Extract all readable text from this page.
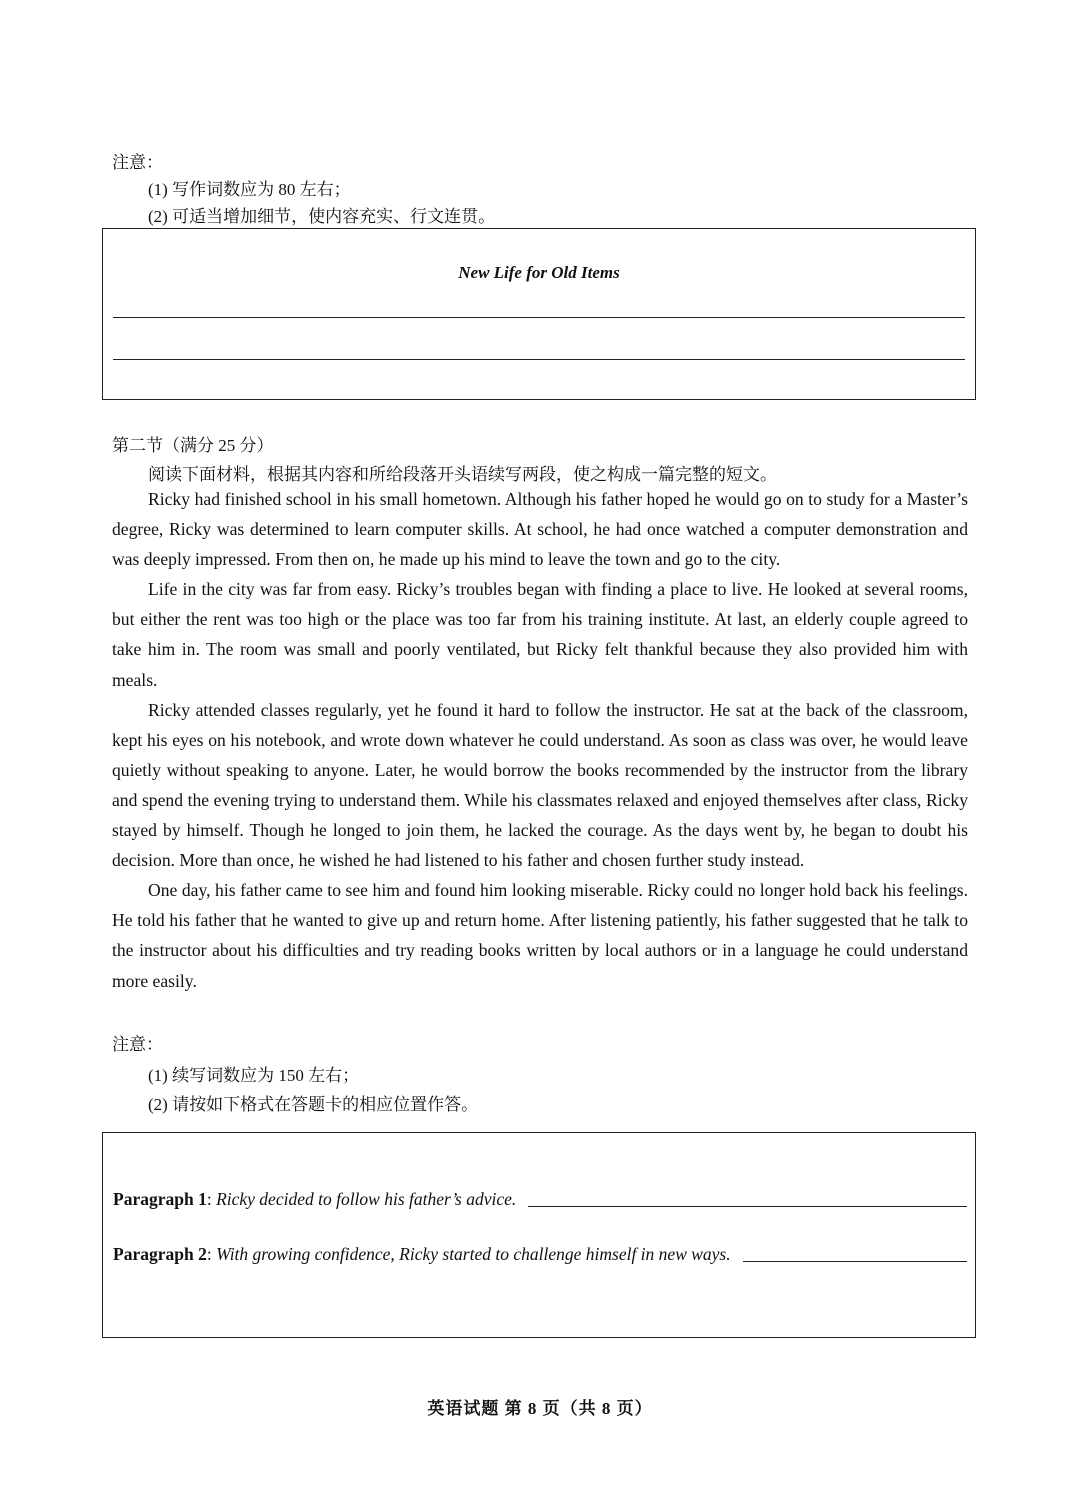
注意：
(1) 写作词数应为 80 左右；
(2) 可适当增加细节，使内容充实、行文连贯。
New Life for Old Items
第二节（满分 25 分）
阅读下面材料，根据其内容和所给段落开头语续写两段，使之构成一篇完整的短文。

Ricky had finished school in his small hometown. Although his father hoped he would go on to study for a Master’s degree, Ricky was determined to learn computer skills. At school, he had once watched a computer demonstration and was deeply impressed. From then on, he made up his mind to leave the town and go to the city.

Life in the city was far from easy. Ricky’s troubles began with finding a place to live. He looked at several rooms, but either the rent was too high or the place was too far from his training institute. At last, an elderly couple agreed to take him in. The room was small and poorly ventilated, but Ricky felt thankful because they also provided him with meals.

Ricky attended classes regularly, yet he found it hard to follow the instructor. He sat at the back of the classroom, kept his eyes on his notebook, and wrote down whatever he could understand. As soon as class was over, he would leave quietly without speaking to anyone. Later, he would borrow the books recommended by the instructor from the library and spend the evening trying to understand them. While his classmates relaxed and enjoyed themselves after class, Ricky stayed by himself. Though he longed to join them, he lacked the courage. As the days went by, he began to doubt his decision. More than once, he wished he had listened to his father and chosen further study instead.

One day, his father came to see him and found him looking miserable. Ricky could no longer hold back his feelings. He told his father that he wanted to give up and return home. After listening patiently, his father suggested that he talk to the instructor about his difficulties and try reading books written by local authors or in a language he could understand more easily.

注意：
(1) 续写词数应为 150 左右；
(2) 请按如下格式在答题卡的相应位置作答。
Paragraph 1 : Ricky decided to follow his father’s advice.
Paragraph 2 : With growing confidence, Ricky started to challenge himself in new ways.
英语试题 第 8 页（共 8 页）
